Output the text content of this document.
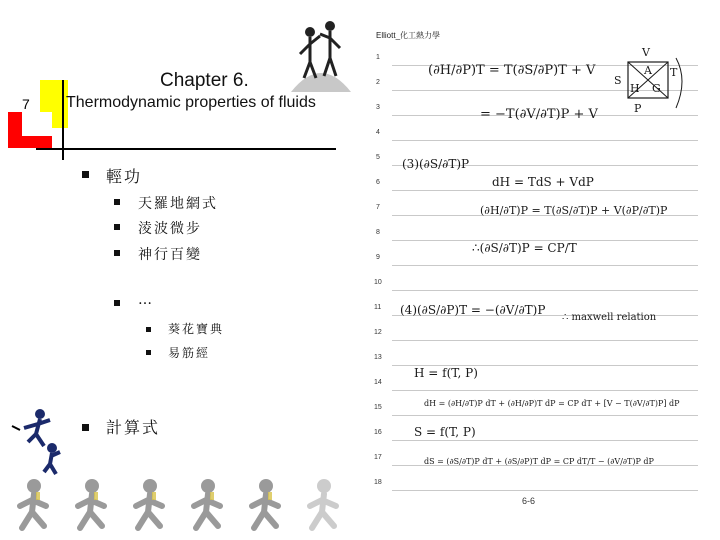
7
Chapter 6.
Thermodynamic properties of fluids
輕功
天羅地網式
淩波微步
神行百變
…
葵花寶典
易筋經
計算式
Elliott_化工熱力學
1
2
3
4
5
6
7
8
9
10
11
12
13
14
15
16
17
18
(∂H/∂P)T = T(∂S/∂P)T + V
= −T(∂V/∂T)P + V
(3)(∂S/∂T)P
dH = TdS + VdP
(∂H/∂T)P = T(∂S/∂T)P + V(∂P/∂T)P
∴(∂S/∂T)P = CP/T
(4)(∂S/∂P)T = −(∂V/∂T)P
∴ maxwell relation
H = f(T, P)
dH = (∂H/∂T)P dT + (∂H/∂P)T dP = CP dT + [V − T(∂V/∂T)P] dP
S = f(T, P)
dS = (∂S/∂T)P dT + (∂S/∂P)T dP = CP dT/T − (∂V/∂T)P dP
V
A T
S
H G
P
6-6
